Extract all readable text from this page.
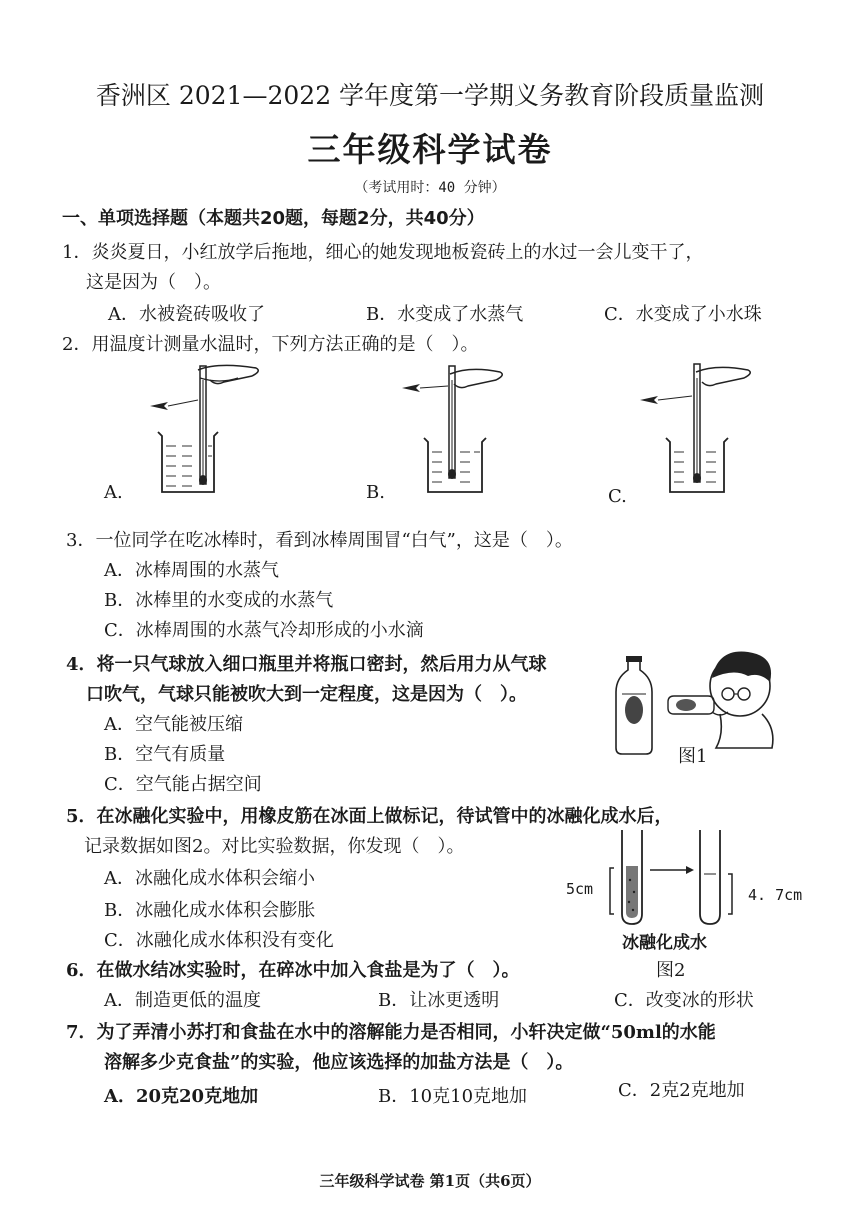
香洲区 2021—2022 学年度第一学期义务教育阶段质量监测
三年级科学试卷
（考试用时：40 分钟）
一、单项选择题（本题共20题，每题2分，共40分）
1．炎炎夏日，小红放学后拖地，细心的她发现地板瓷砖上的水过一会儿变干了，
这是因为（　）。
A．水被瓷砖吸收了	B．水变成了水蒸气	C．水变成了小水珠
2．用温度计测量水温时，下列方法正确的是（　）。
A.	B.	C.
3．一位同学在吃冰棒时，看到冰棒周围冒“白气”，这是（　）。
A．冰棒周围的水蒸气
B．冰棒里的水变成的水蒸气
C．冰棒周围的水蒸气冷却形成的小水滴
4．将一只气球放入细口瓶里并将瓶口密封，然后用力从气球
口吹气，气球只能被吹大到一定程度，这是因为（　）。
A．空气能被压缩
B．空气有质量
C．空气能占据空间
图1
5．在冰融化实验中，用橡皮筋在冰面上做标记，待试管中的冰融化成水后，
记录数据如图2。对比实验数据，你发现（　）。
A．冰融化成水体积会缩小
B．冰融化成水体积会膨胀
C．冰融化成水体积没有变化
5cm	4. 7cm
冰融化成水
图2
6．在做水结冰实验时，在碎冰中加入食盐是为了（　）。
A．制造更低的温度	B．让冰更透明	C．改变冰的形状
7．为了弄清小苏打和食盐在水中的溶解能力是否相同，小轩决定做“50ml的水能
溶解多少克食盐”的实验，他应该选择的加盐方法是（　）。
A．20克20克地加	B．10克10克地加	C．2克2克地加
三年级科学试卷 第1页（共6页）
